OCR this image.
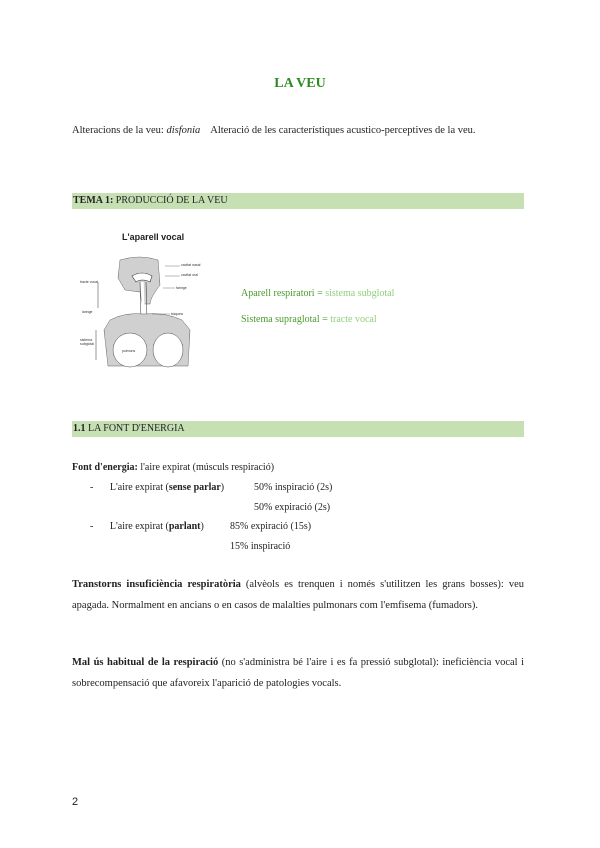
LA VEU

Alteracions de la veu: disfonia Alteració de les característiques acustico-perceptives de la veu.

TEMA 1: PRODUCCIÓ DE LA VEU
L'aparell vocal
cavitat nasal
cavitat oral
faringe
tracte vocal
laringe	tràquea
sistema subglotal
pulmons
Aparell respiratori = sistema subglotal
Sistema supraglotal = tracte vocal
1.1 LA FONT D'ENERGIA
Font d'energia: l'aire expirat (músculs respiració)
- L'aire expirat (sense parlar)	50% inspiració (2s)
50% expiració (2s)
- L'aire expirat (parlant)	85% expiració (15s)
15% inspiració

Transtorns insuficiència respiratòria (alvèols es trenquen i només s'utilitzen les grans bosses): veu apagada. Normalment en ancians o en casos de malalties pulmonars com l'emfisema (fumadors).

Mal ús habitual de la respiració (no s'administra bé l'aire i es fa pressió subglotal): ineficiència vocal i sobrecompensació que afavoreix l'aparició de patologies vocals.

2
